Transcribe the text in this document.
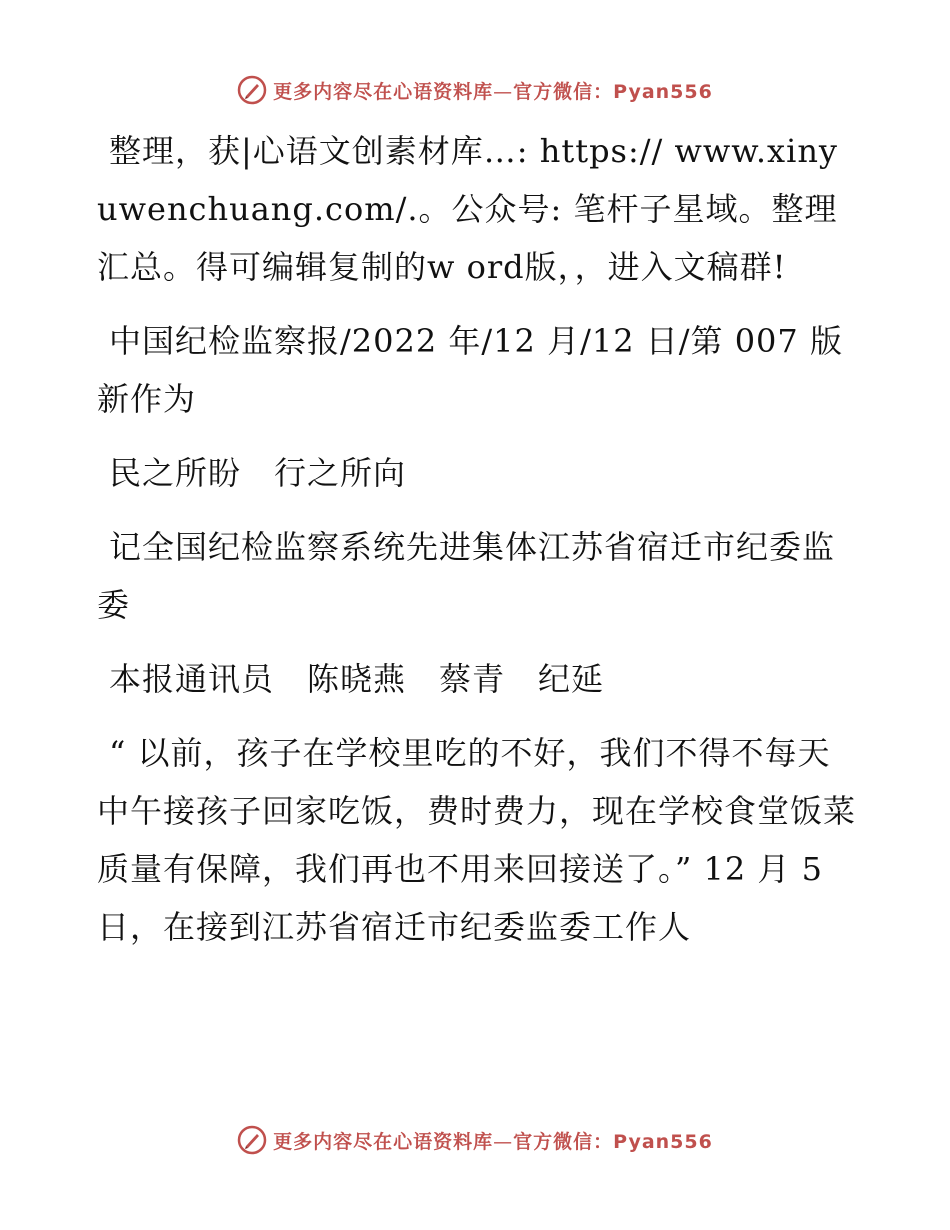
更多内容尽在心语资料库—官方微信：Pyan556

整理，获|心语文创素材库…: https:// www.xinyuwenchuang.com/.。公众号: 笔杆子星域。整理汇总。得可编辑复制的w ord版，，进入文稿群!

中国纪检监察报/2022 年/12 月/12 日/第 007 版新作为

民之所盼　行之所向

记全国纪检监察系统先进集体江苏省宿迁市纪委监委

本报通讯员　陈晓燕　蔡青　纪延

“ 以前，孩子在学校里吃的不好，我们不得不每天中午接孩子回家吃饭，费时费力，现在学校食堂饭菜质量有保障，我们再也不用来回接送了。” 12 月 5 日，在接到江苏省宿迁市纪委监委工作人

更多内容尽在心语资料库—官方微信：Pyan556
